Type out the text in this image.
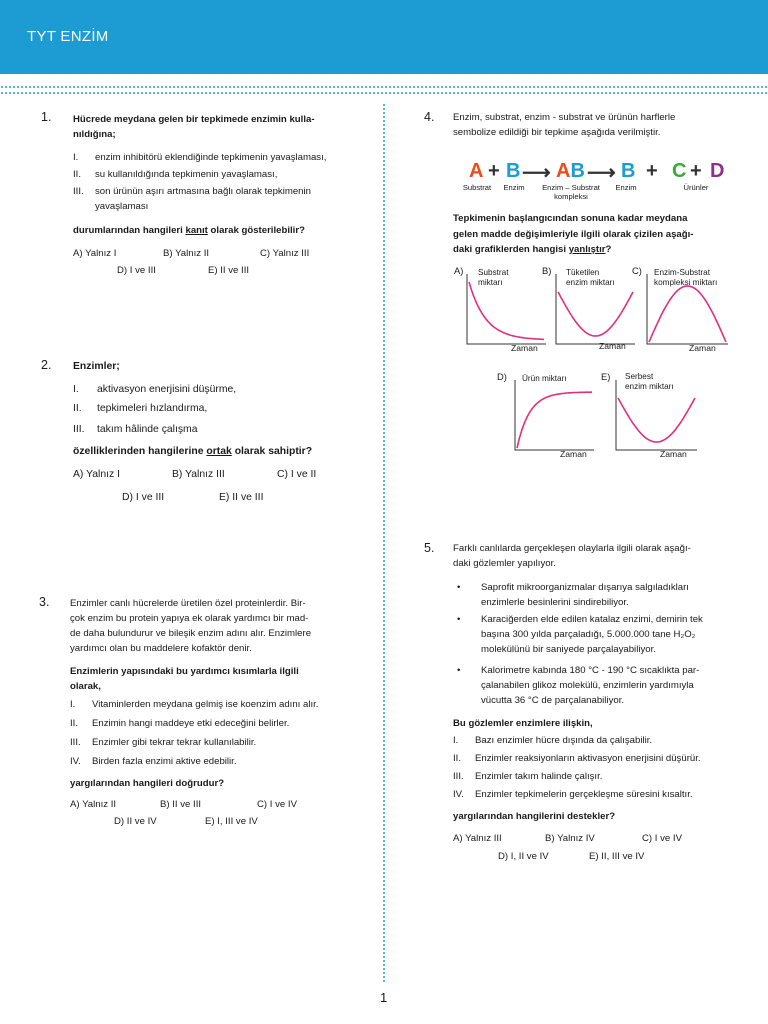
TYT ENZİM
1. Hücrede meydana gelen bir tepkimede enzimin kulla-
nıldığına;
I.	enzim inhibitörü eklendiğinde tepkimenin yavaşlaması,
II.	su kullanıldığında tepkimenin yavaşlaması,
III.	son ürünün aşırı artmasına bağlı olarak tepkimenin
yavaşlaması
durumlarından hangileri kanıt olarak gösterilebilir?
A) Yalnız I	B) Yalnız II	C) Yalnız III
D) I ve III	E) II ve III
2. Enzimler;
I.	aktivasyon enerjisini düşürme,
II.	tepkimeleri hızlandırma,
III.	takım hâlinde çalışma
özelliklerinden hangilerine ortak olarak sahiptir?
A) Yalnız I	B) Yalnız III	C) I ve II
D) I ve III	E) II ve III
3. Enzimler canlı hücrelerde üretilen özel proteinlerdir. Bir-
çok enzim bu protein yapıya ek olarak yardımcı bir mad-
de daha bulundurur ve bileşik enzim adını alır. Enzimlere
yardımcı olan bu maddelere kofaktör denir.
Enzimlerin yapısındaki bu yardımcı kısımlarla ilgili
olarak,
I.	Vitaminlerden meydana gelmiş ise koenzim adını alır.
II.	Enzimin hangi maddeye etki edeceğini belirler.
III.	Enzimler gibi tekrar tekrar kullanılabilir.
IV.	Birden fazla enzimi aktive edebilir.
yargılarından hangileri doğrudur?
A) Yalnız II	B) II ve III	C) I ve IV
D) II ve IV	E) I, III ve IV
4. Enzim, substrat, enzim - substrat ve ürünün harflerle
sembolize edildiği bir tepkime aşağıda verilmiştir.
A + B ⟶ AB ⟶ B + C + D
Substrat	Enzim	Enzim – Substrat
kompleksi
Enzim	Ürünler
Tepkimenin başlangıcından sonuna kadar meydana
gelen madde değişimleriyle ilgili olarak çizilen aşağı-
daki grafiklerden hangisi yanlıştır?
A) Substrat
miktarı
Zaman
B) Tüketilen
enzim miktarı
Zaman
C) Enzim-Substrat
kompleksi miktarı
Zaman
D) Ürün miktarı
Zaman
E) Serbest
enzim miktarı
Zaman
5. Farklı canlılarda gerçekleşen olaylarla ilgili olarak aşağı-
daki gözlemler yapılıyor.
•	Saprofit mikroorganizmalar dışarıya salgıladıkları
enzimlerle besinlerini sindirebiliyor.
•	Karaciğerden elde edilen katalaz enzimi, demirin tek
başına 300 yılda parçaladığı, 5.000.000 tane H₂O₂
molekülünü bir saniyede parçalayabiliyor.
•	Kalorimetre kabında 180 °C - 190 °C sıcaklıkta par-
çalanabilen glikoz molekülü, enzimlerin yardımıyla
vücutta 36 °C de parçalanabiliyor.
Bu gözlemler enzimlere ilişkin,
I.	Bazı enzimler hücre dışında da çalışabilir.
II.	Enzimler reaksiyonların aktivasyon enerjisini düşürür.
III.	Enzimler takım halinde çalışır.
IV.	Enzimler tepkimelerin gerçekleşme süresini kısaltır.
yargılarından hangilerini destekler?
A) Yalnız III	B) Yalnız IV	C) I ve IV
D) I, II ve IV	E) II, III ve IV
1
